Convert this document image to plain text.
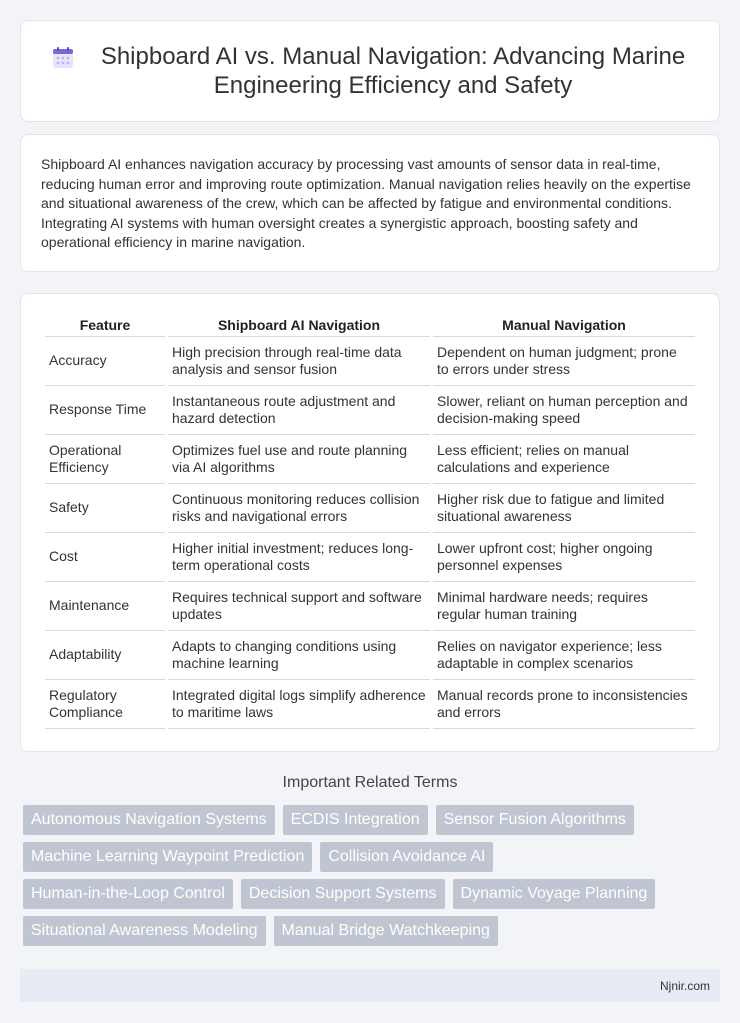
Shipboard AI vs. Manual Navigation: Advancing Marine Engineering Efficiency and Safety

Shipboard AI enhances navigation accuracy by processing vast amounts of sensor data in real-time, reducing human error and improving route optimization. Manual navigation relies heavily on the expertise and situational awareness of the crew, which can be affected by fatigue and environmental conditions. Integrating AI systems with human oversight creates a synergistic approach, boosting safety and operational efficiency in marine navigation.

Feature	Shipboard AI Navigation	Manual Navigation
Accuracy	High precision through real-time data analysis and sensor fusion	Dependent on human judgment; prone to errors under stress
Response Time	Instantaneous route adjustment and hazard detection	Slower, reliant on human perception and decision-making speed
Operational Efficiency	Optimizes fuel use and route planning via AI algorithms	Less efficient; relies on manual calculations and experience
Safety	Continuous monitoring reduces collision risks and navigational errors	Higher risk due to fatigue and limited situational awareness
Cost	Higher initial investment; reduces long-term operational costs	Lower upfront cost; higher ongoing personnel expenses
Maintenance	Requires technical support and software updates	Minimal hardware needs; requires regular human training
Adaptability	Adapts to changing conditions using machine learning	Relies on navigator experience; less adaptable in complex scenarios
Regulatory Compliance	Integrated digital logs simplify adherence to maritime laws	Manual records prone to inconsistencies and errors
Important Related Terms
Autonomous Navigation Systems	ECDIS Integration	Sensor Fusion Algorithms
Machine Learning Waypoint Prediction	Collision Avoidance AI
Human-in-the-Loop Control	Decision Support Systems	Dynamic Voyage Planning
Situational Awareness Modeling	Manual Bridge Watchkeeping
Njnir.com
